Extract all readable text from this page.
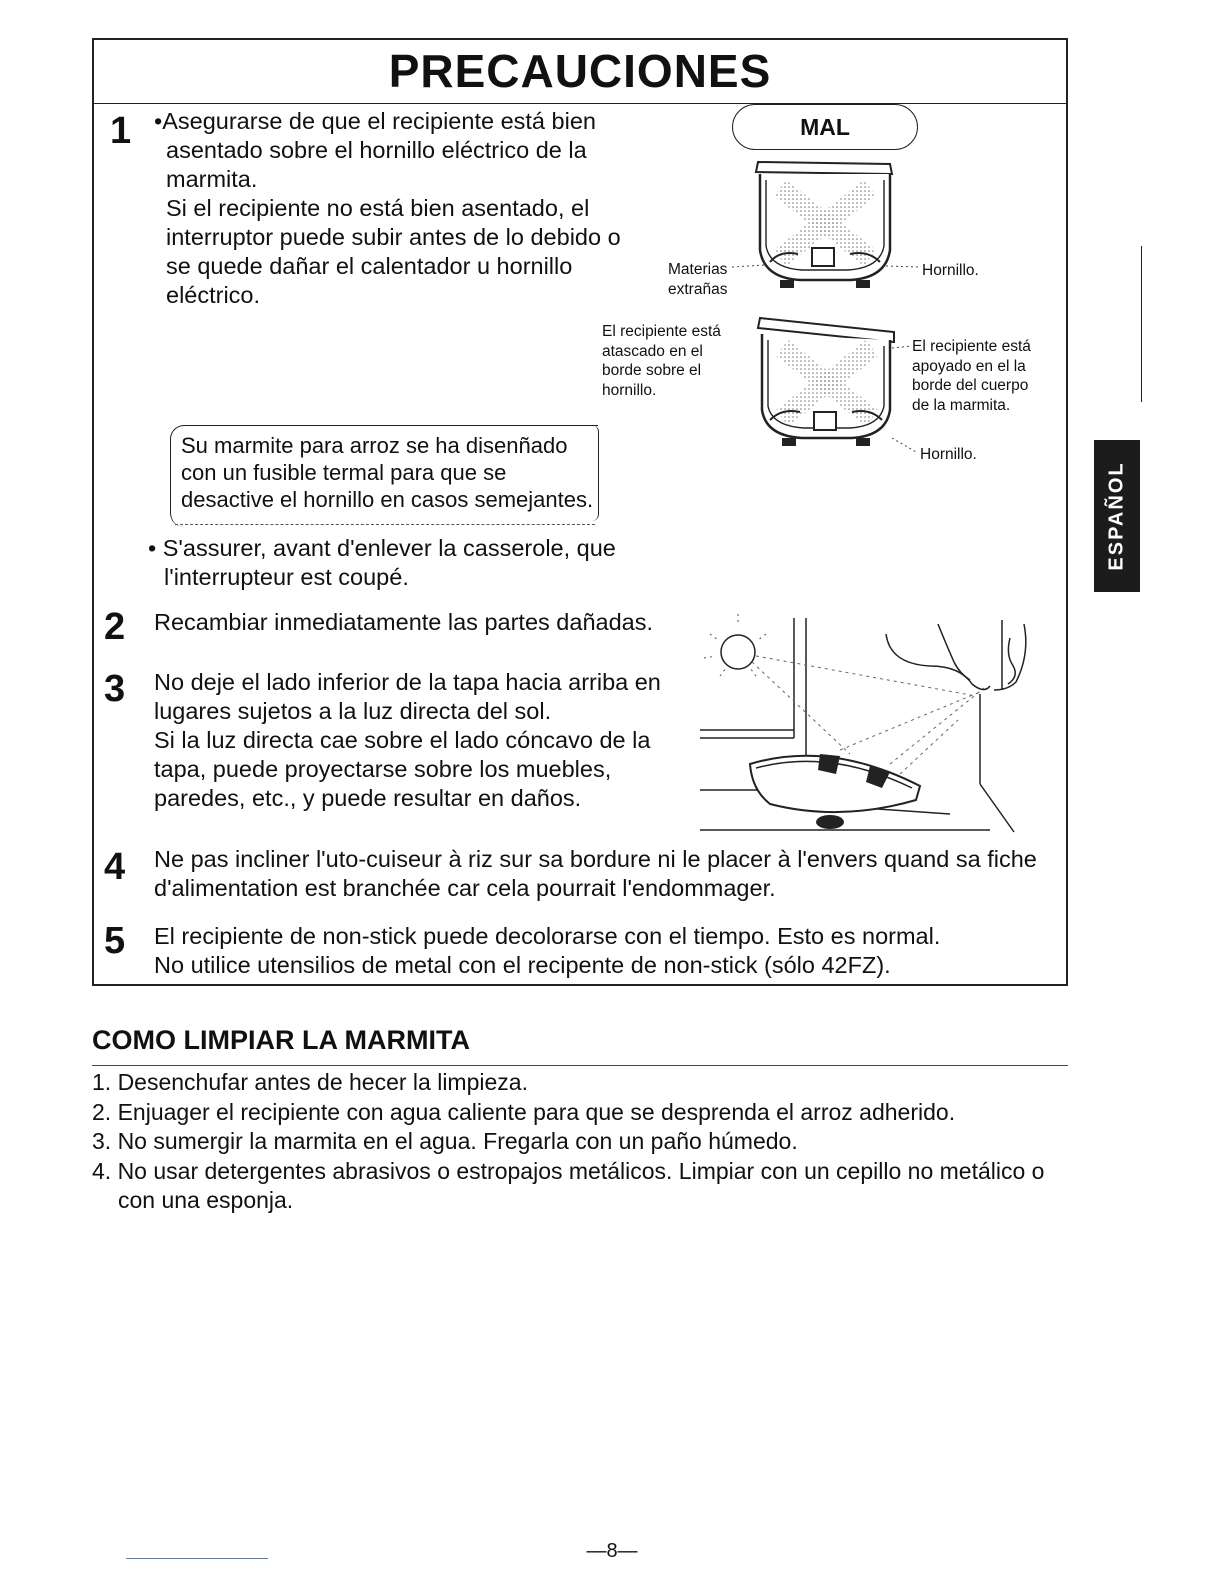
PRECAUCIONES
1 •Asegurarse de que el recipiente está bien
asentado sobre el hornillo eléctrico de la
marmita.
Si el recipiente no está bien asentado, el
interruptor puede subir antes de lo debido o
se quede dañar el calentador u hornillo
eléctrico.
Su marmite para arroz se ha disenñado
con un fusible termal para que se
desactive el hornillo en casos semejantes.
• S'assurer, avant d'enlever la casserole, que
l'interrupteur est coupé.
MAL
Materias
extrañas
Hornillo.
El recipiente está
atascado en el
borde sobre el
hornillo.
El recipiente está
apoyado en el la
borde del cuerpo
de la marmita.
Hornillo.
2 Recambiar inmediatamente las partes dañadas.
3 No deje el lado inferior de la tapa hacia arriba en
lugares sujetos a la luz directa del sol.
Si la luz directa cae sobre el lado cóncavo de la
tapa, puede proyectarse sobre los muebles,
paredes, etc., y puede resultar en daños.
4 Ne pas incliner l'uto-cuiseur à riz sur sa bordure ni le placer à l'envers quand sa fiche
d'alimentation est branchée car cela pourrait l'endommager.
5 El recipiente de non-stick puede decolorarse con el tiempo. Esto es normal.
No utilice utensilios de metal con el recipente de non-stick (sólo 42FZ).
COMO LIMPIAR LA MARMITA
1. Desenchufar antes de hecer la limpieza.
2. Enjuager el recipiente con agua caliente para que se desprenda el arroz adherido.
3. No sumergir la marmita en el agua. Fregarla con un paño húmedo.
4. No usar detergentes abrasivos o estropajos metálicos. Limpiar con un cepillo no metálico o
con una esponja.
ESPAÑOL
—8—
